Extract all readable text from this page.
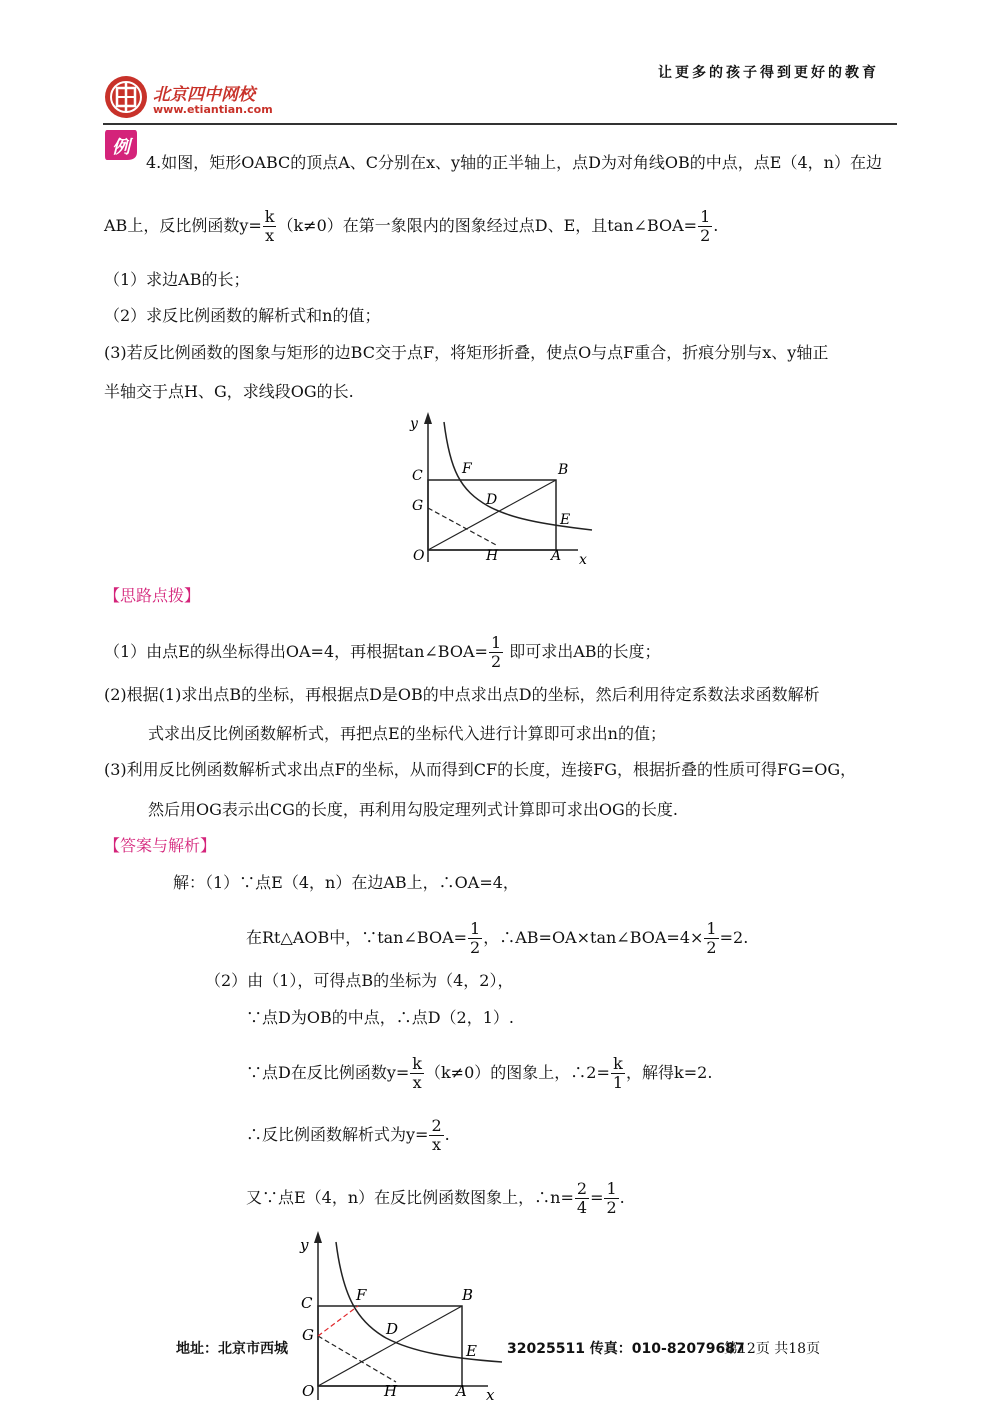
让更多的孩子得到更好的教育
北京四中网校
www.etiantian.com
例
4.如图，矩形OABC的顶点A、C分别在x、y轴的正半轴上，点D为对角线OB的中点，点E（4，n）在边
AB上，反比例函数$y= \frac{k}{x} (k\ne 0)$在第一象限内的图象经过点D、E，且tan∠BOA= $\frac{1}{2}$ .
（1）求边AB的长；
（2）求反比例函数的解析式和n的值；
(3)若反比例函数的图象与矩形的边BC交于点F，将矩形折叠，使点O与点F重合，折痕分别与x、y轴正
半轴交于点H、G，求线段OG的长.
y
x
O	A
B
C
D
E
F
G
H
【思路点拨】
（1）由点E的纵坐标得出OA=4，再根据tan∠BOA= $\frac{1}{2}$ 即可求出AB的长度；
(2)根据(1)求出点B的坐标，再根据点D是OB的中点求出点D的坐标，然后利用待定系数法求函数解析
式求出反比例函数解析式，再把点E的坐标代入进行计算即可求出n的值；
(3)利用反比例函数解析式求出点F的坐标，从而得到CF的长度，连接FG，根据折叠的性质可得FG=OG，
然后用OG表示出CG的长度，再利用勾股定理列式计算即可求出OG的长度.
【答案与解析】
解：（1）∵点E（4，n）在边AB上，∴OA=4，
在Rt△AOB中，∵tan∠BOA= $\frac{1}{2}$ ，∴AB=OA×tan∠BOA=4× $\frac{1}{2} =2$.
（2）由（1），可得点B的坐标为（4，2），
∵点D为OB的中点，∴点D（2，1）.
∵点D在反比例函数$y= \frac{k}{x} (k\ne 0)$的图象上，∴2= $\frac{k}{1}$ ，解得k=2.
∴反比例函数解析式为$y= \frac{2}{x}$ .
又∵点E（4，n）在反比例函数图象上，∴n= $\frac{2}{4} = \frac{1}{2}$ .
y
x
O	A
B
C
D
E
F
G
H
地址：北京市西城	32025511 传真：010-82079687
第12页 共18页
